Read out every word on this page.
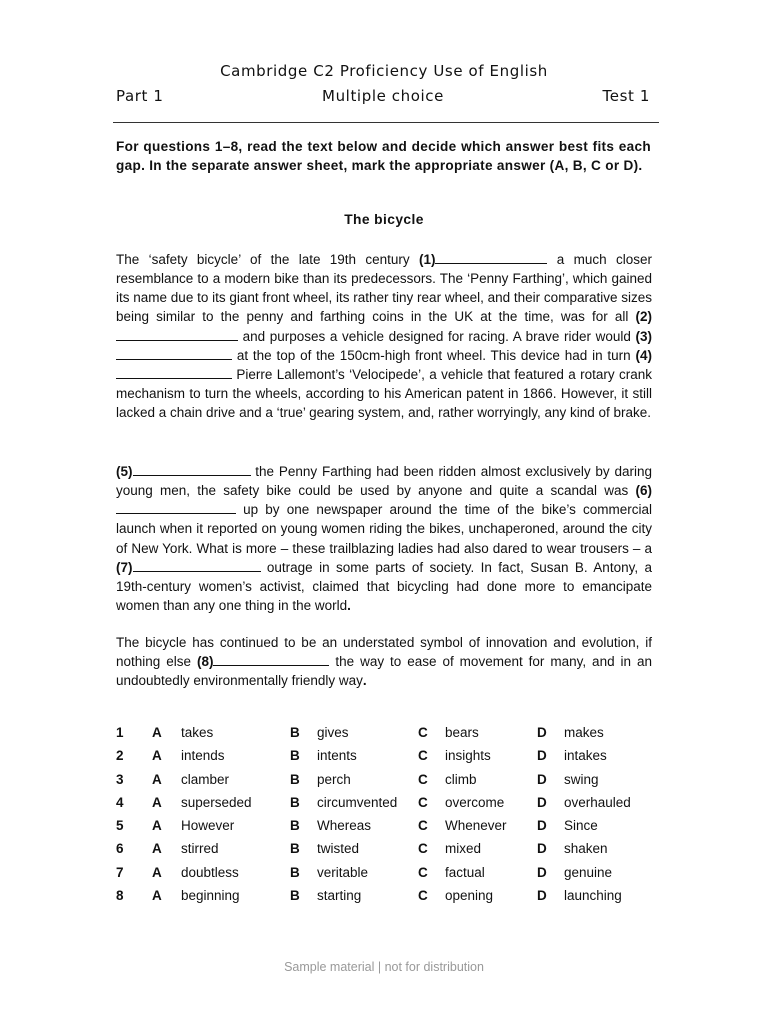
Cambridge C2 Proficiency Use of English
Part 1	Multiple choice	Test 1
For questions 1–8, read the text below and decide which answer best fits each gap. In the separate answer sheet, mark the appropriate answer (A, B, C or D).
The bicycle
The ‘safety bicycle’ of the late 19th century (1)	a much closer resemblance to a modern bike than its predecessors. The ‘Penny Farthing’, which gained its name due to its giant front wheel, its rather tiny rear wheel, and their comparative sizes being similar to the penny and farthing coins in the UK at the time, was for all (2) and purposes a vehicle designed for racing. A brave rider would (3) at the top of the 150cm-high front wheel. This device had in turn (4) Pierre Lallemont’s ‘Velocipede’, a vehicle that featured a rotary crank mechanism to turn the wheels, according to his American patent in 1866. However, it still lacked a chain drive and a ‘true’ gearing system, and, rather worryingly, any kind of brake.
(5)	the Penny Farthing had been ridden almost exclusively by daring young men, the safety bike could be used by anyone and quite a scandal was (6) up by one newspaper around the time of the bike’s commercial launch when it reported on young women riding the bikes, unchaperoned, around the city of New York. What is more – these trailblazing ladies had also dared to wear trousers – a (7)	outrage in some parts of society. In fact, Susan B. Antony, a 19th-century women’s activist, claimed that bicycling had done more to emancipate women than any one thing in the world.
The bicycle has continued to be an understated symbol of innovation and evolution, if nothing else (8)	the way to ease of movement for many, and in an undoubtedly environmentally friendly way.
1 A takes	B gives	C bears	D makes
2 A intends	B intents	C insights	D intakes
3 A clamber	B perch	C climb	D swing
4 A superseded	B circumvented C overcome D overhauled
5 A However	B Whereas	C Whenever D Since
6 A stirred	B twisted	C mixed	D shaken
7 A doubtless	B veritable	C factual	D genuine
8 A beginning	B starting	C opening	D launching
Sample material | not for distribution
